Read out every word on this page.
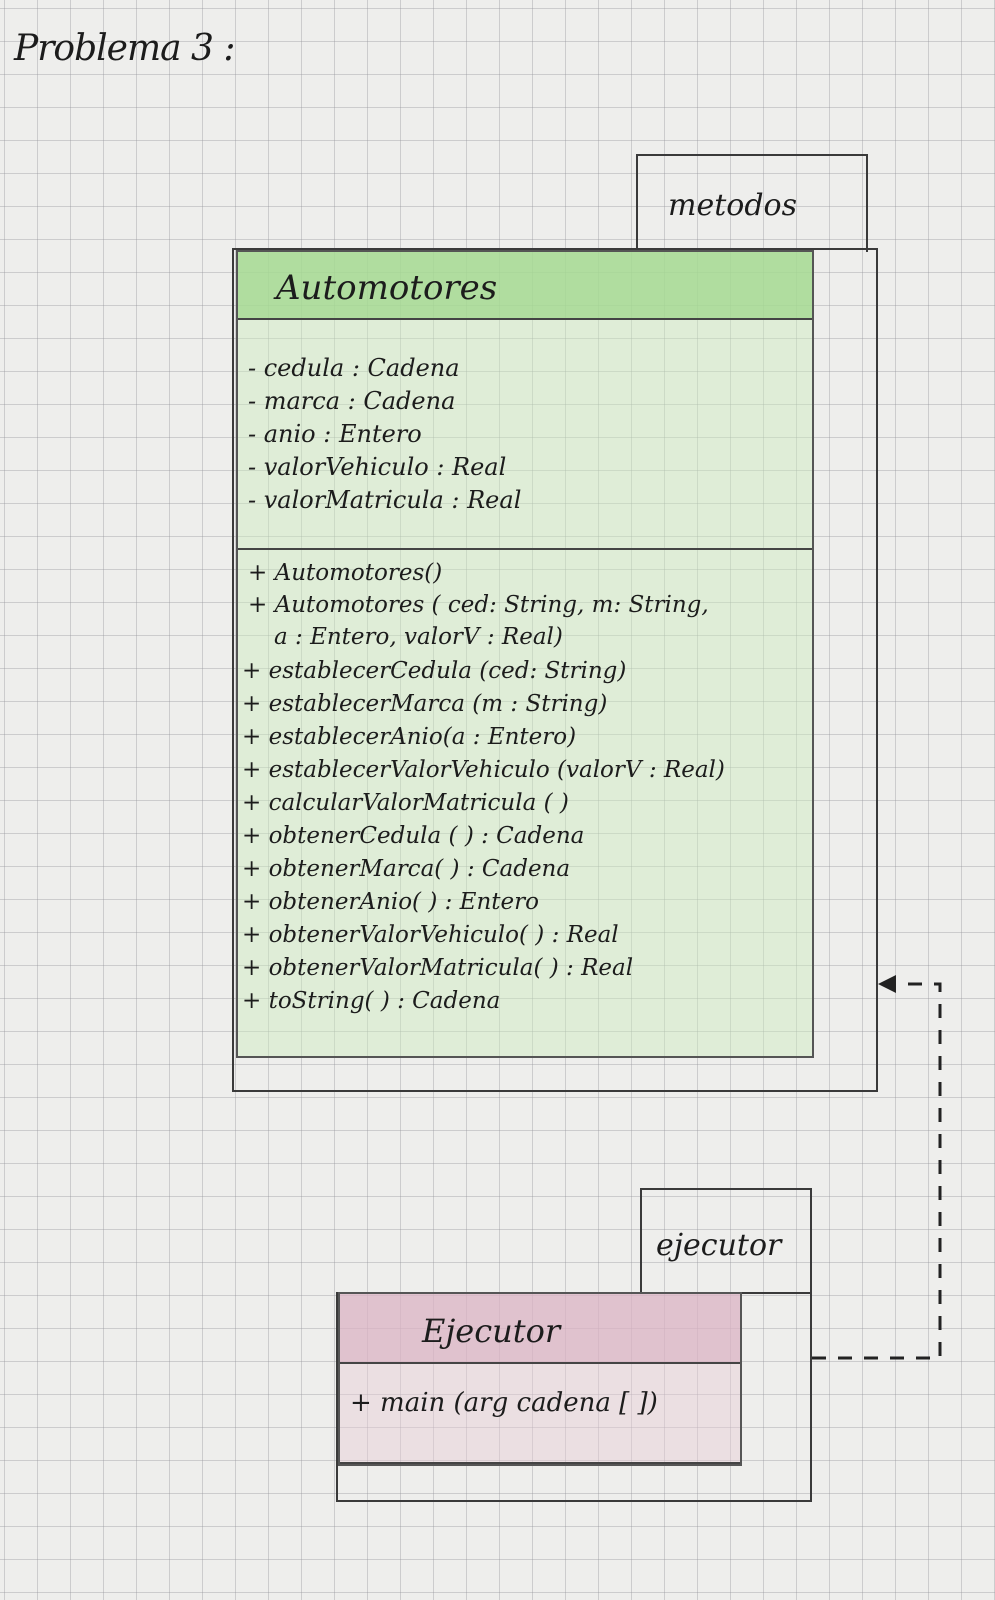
Problema 3 :
metodos
Automotores
- cedula : Cadena
- marca : Cadena
- anio : Entero
- valorVehiculo : Real
- valorMatricula : Real
+ Automotores()
+ Automotores ( ced: String, m: String,
a : Entero, valorV : Real)
+ establecerCedula (ced: String)
+ establecerMarca (m : String)
+ establecerAnio(a : Entero)
+ establecerValorVehiculo (valorV : Real)
+ calcularValorMatricula ( )
+ obtenerCedula ( ) : Cadena
+ obtenerMarca( ) : Cadena
+ obtenerAnio( ) : Entero
+ obtenerValorVehiculo( ) : Real
+ obtenerValorMatricula( ) : Real
+ toString( ) : Cadena
ejecutor
Ejecutor
+ main (arg cadena [ ])
